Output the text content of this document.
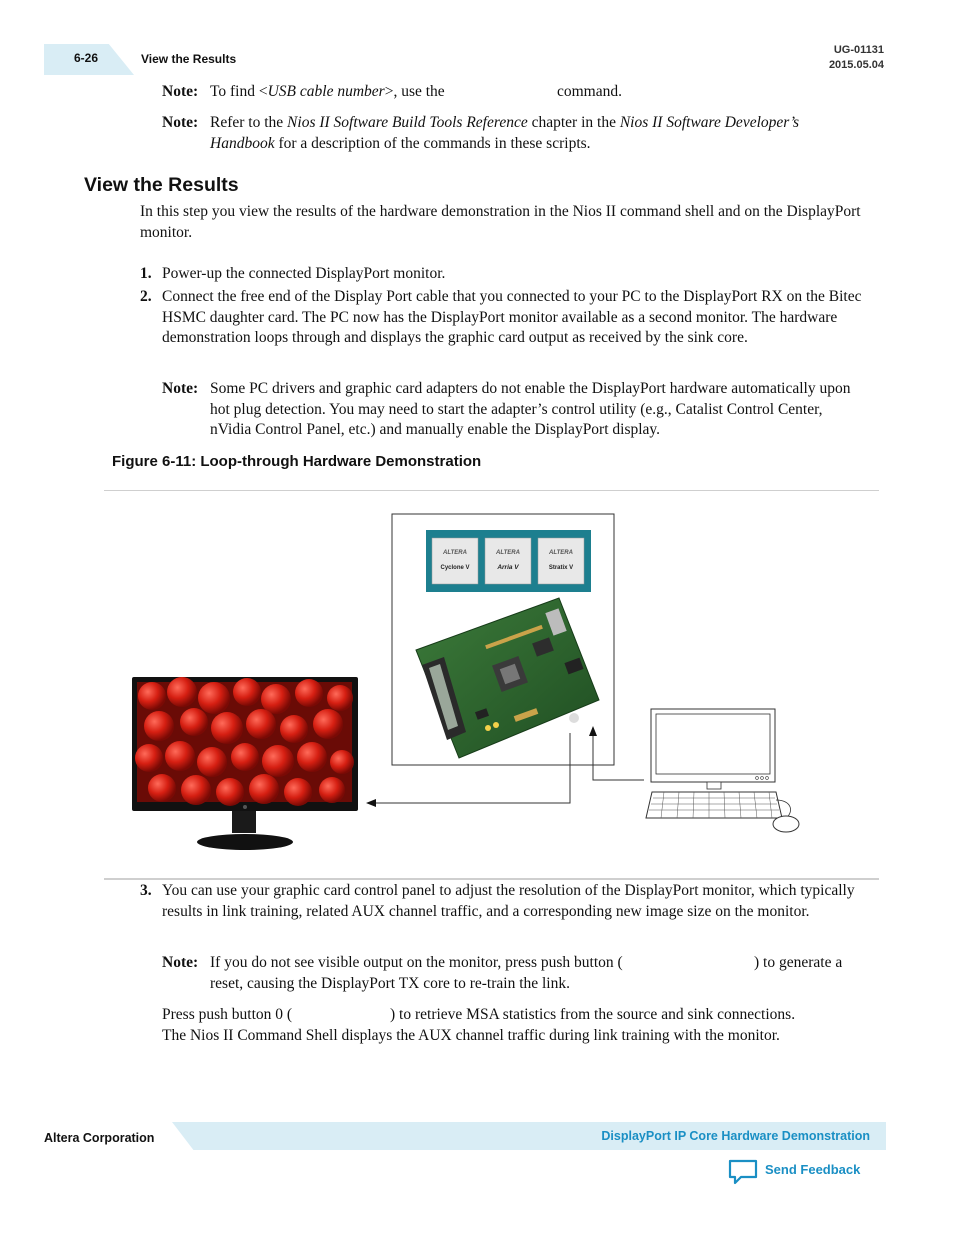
6-26	View the Results
UG-01131
2015.05.04
Note: To find <USB cable number>, use the	command.
Note: Refer to the Nios II Software Build Tools Reference chapter in the Nios II Software Developer’s Handbook for a description of the commands in these scripts.
View the Results
In this step you view the results of the hardware demonstration in the Nios II command shell and on the DisplayPort monitor.
1. Power-up the connected DisplayPort monitor.
2. Connect the free end of the Display Port cable that you connected to your PC to the DisplayPort RX on the Bitec HSMC daughter card. The PC now has the DisplayPort monitor available as a second monitor. The hardware demonstration loops through and displays the graphic card output as received by the sink core.
Note: Some PC drivers and graphic card adapters do not enable the DisplayPort hardware automatically upon hot plug detection. You may need to start the adapter’s control utility (e.g., Catalist Control Center, nVidia Control Panel, etc.) and manually enable the DisplayPort display.
Figure 6-11: Loop-through Hardware Demonstration
ALTERA
Cyclone V
ALTERA
Arria V
ALTERA
Stratix V
3. You can use your graphic card control panel to adjust the resolution of the DisplayPort monitor, which typically results in link training, related AUX channel traffic, and a corresponding new image size on the monitor.
Note: If you do not see visible output on the monitor, press push button (	) to generate a
reset, causing the DisplayPort TX core to re-train the link.
Press push button 0 (	) to retrieve MSA statistics from the source and sink connections.
The Nios II Command Shell displays the AUX channel traffic during link training with the monitor.
Altera Corporation	DisplayPort IP Core Hardware Demonstration
Send Feedback
